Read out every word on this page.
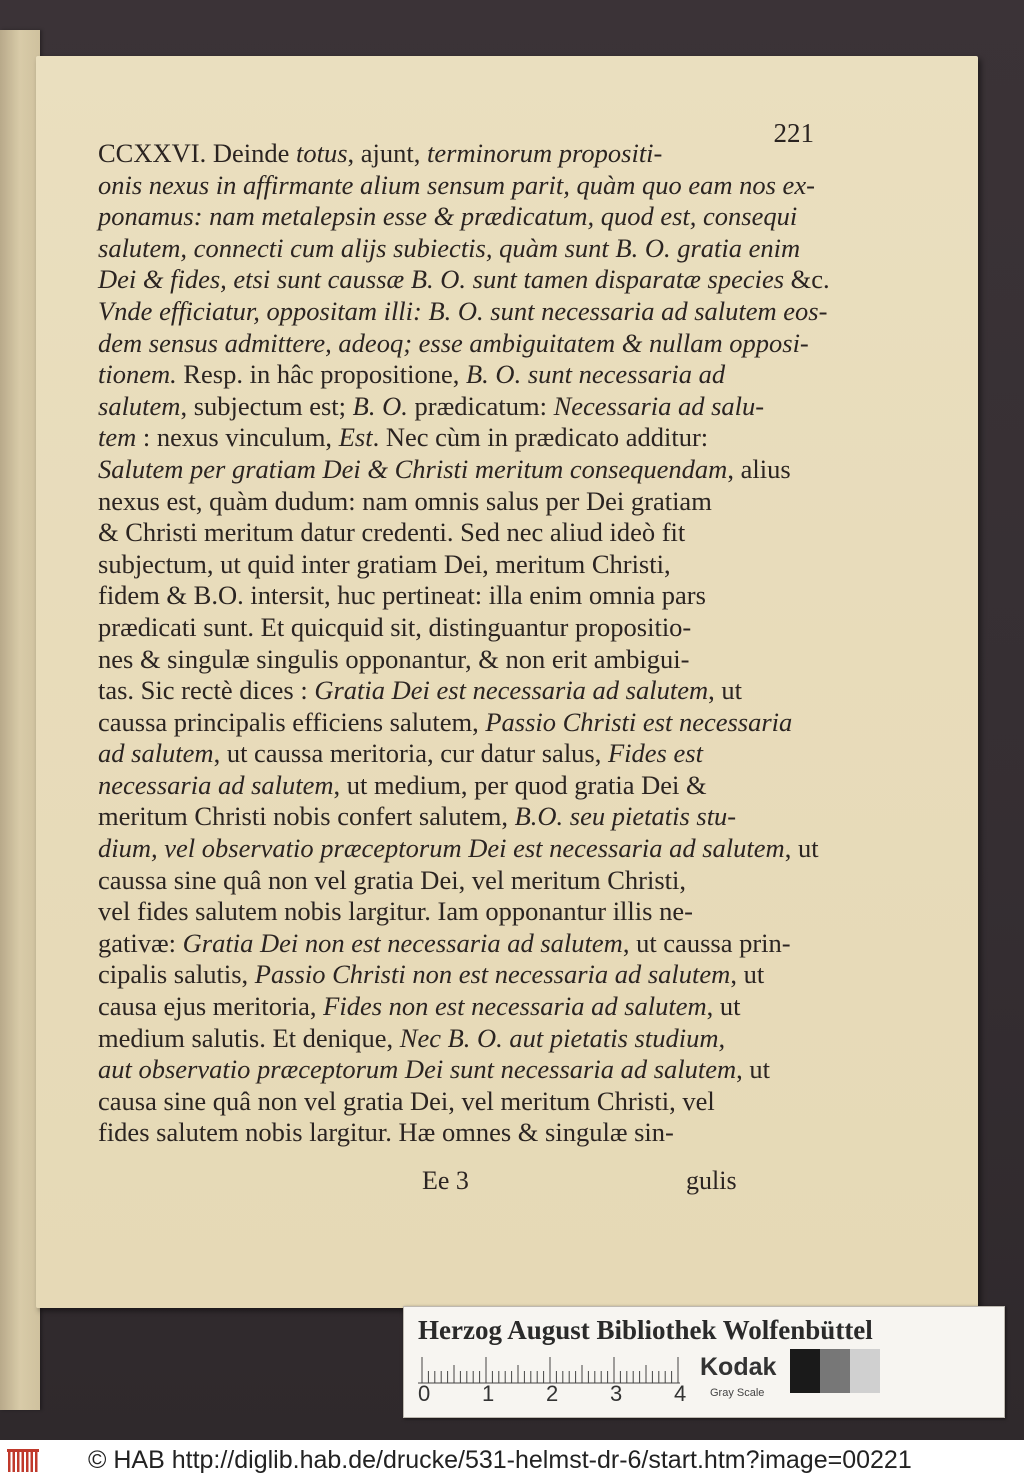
221
CCXXVI. Deinde totus, ajunt, terminorum propositi-
onis nexus in affirmante alium sensum parit, quàm quo eam nos ex-
ponamus: nam metalepsin esse & prædicatum, quod est, consequi
salutem, connecti cum alijs subiectis, quàm sunt B. O. gratia enim
Dei & fides, etsi sunt caussæ B. O. sunt tamen disparatæ species &c.
Vnde efficiatur, oppositam illi: B. O. sunt necessaria ad salutem eos-
dem sensus admittere, adeoq; esse ambiguitatem & nullam opposi-
tionem. Resp. in hâc propositione, B. O. sunt necessaria ad
salutem, subjectum est; B. O. prædicatum: Necessaria ad salu-
tem : nexus vinculum, Est. Nec cùm in prædicato additur:
Salutem per gratiam Dei & Christi meritum consequendam, alius
nexus est, quàm dudum: nam omnis salus per Dei gratiam
& Christi meritum datur credenti. Sed nec aliud ideò fit
subjectum, ut quid inter gratiam Dei, meritum Christi,
fidem & B.O. intersit, huc pertineat: illa enim omnia pars
prædicati sunt. Et quicquid sit, distinguantur propositio-
nes & singulæ singulis opponantur, & non erit ambigui-
tas. Sic rectè dices : Gratia Dei est necessaria ad salutem, ut
caussa principalis efficiens salutem, Passio Christi est necessaria
ad salutem, ut caussa meritoria, cur datur salus, Fides est
necessaria ad salutem, ut medium, per quod gratia Dei &
meritum Christi nobis confert salutem, B.O. seu pietatis stu-
dium, vel observatio præceptorum Dei est necessaria ad salutem, ut
caussa sine quâ non vel gratia Dei, vel meritum Christi,
vel fides salutem nobis largitur. Iam opponantur illis ne-
gativæ: Gratia Dei non est necessaria ad salutem, ut caussa prin-
cipalis salutis, Passio Christi non est necessaria ad salutem, ut
causa ejus meritoria, Fides non est necessaria ad salutem, ut
medium salutis. Et denique, Nec B. O. aut pietatis studium,
aut observatio præceptorum Dei sunt necessaria ad salutem, ut
causa sine quâ non vel gratia Dei, vel meritum Christi, vel
fides salutem nobis largitur. Hæ omnes & singulæ sin-
Ee 3	gulis
Herzog August Bibliothek Wolfenbüttel
0 1 2 3 4
Kodak
Gray Scale
© HAB http://diglib.hab.de/drucke/531-helmst-dr-6/start.htm?image=00221
